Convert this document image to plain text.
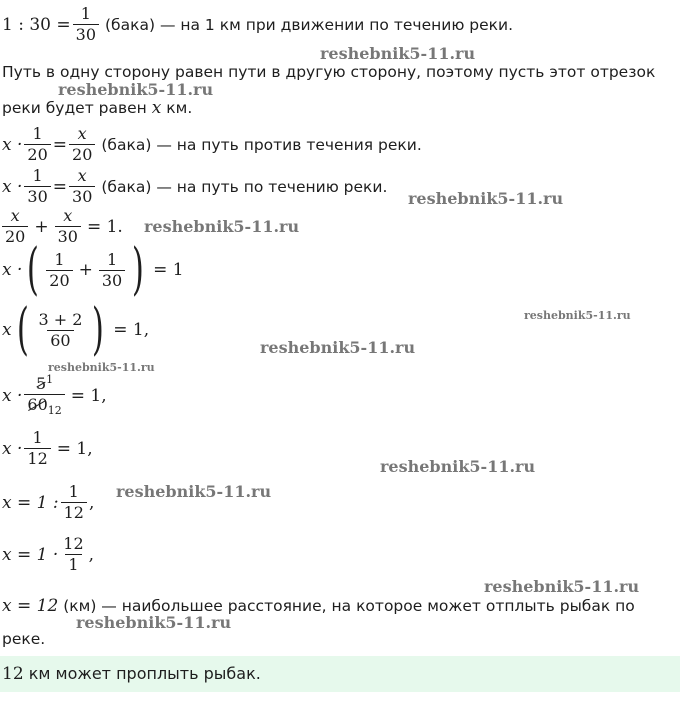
1 : $30 = \frac{1}{30}$ (бака) — на 1 км при движении по течению реки.
Путь в одну сторону равен пути в другую сторону, поэтому пусть этот отрезок
реки будет равен x км.
$x \cdot \frac{1}{20} = \frac{x}{20}$ (бака) — на путь против течения реки.
$x \cdot \frac{1}{30} = \frac{x}{30}$ (бака) — на путь по течению реки.
$\frac{x}{20} + \frac{x}{30} = 1$.
x · ( $\frac{1}{20} + \frac{1}{30}$ ) = 1
x ( $\frac{3 + 2}{60}$ ) = 1,
$x \cdot \frac{5^1}{60_{12}} = 1$,
$x \cdot \frac{1}{12} = 1$,
x = 1 : $\frac{1}{12}$ ,
$x = 1 \cdot \frac{12}{1}$ ,
x = 12 (км) — наибольшее расстояние, на которое может отплыть рыбак по
реке.
12 км может проплыть рыбак.
reshebnik5-11.ru
reshebnik5-11.ru
reshebnik5-11.ru
reshebnik5-11.ru
reshebnik5-11.ru
reshebnik5-11.ru
reshebnik5-11.ru
reshebnik5-11.ru
reshebnik5-11.ru
reshebnik5-11.ru
reshebnik5-11.ru
